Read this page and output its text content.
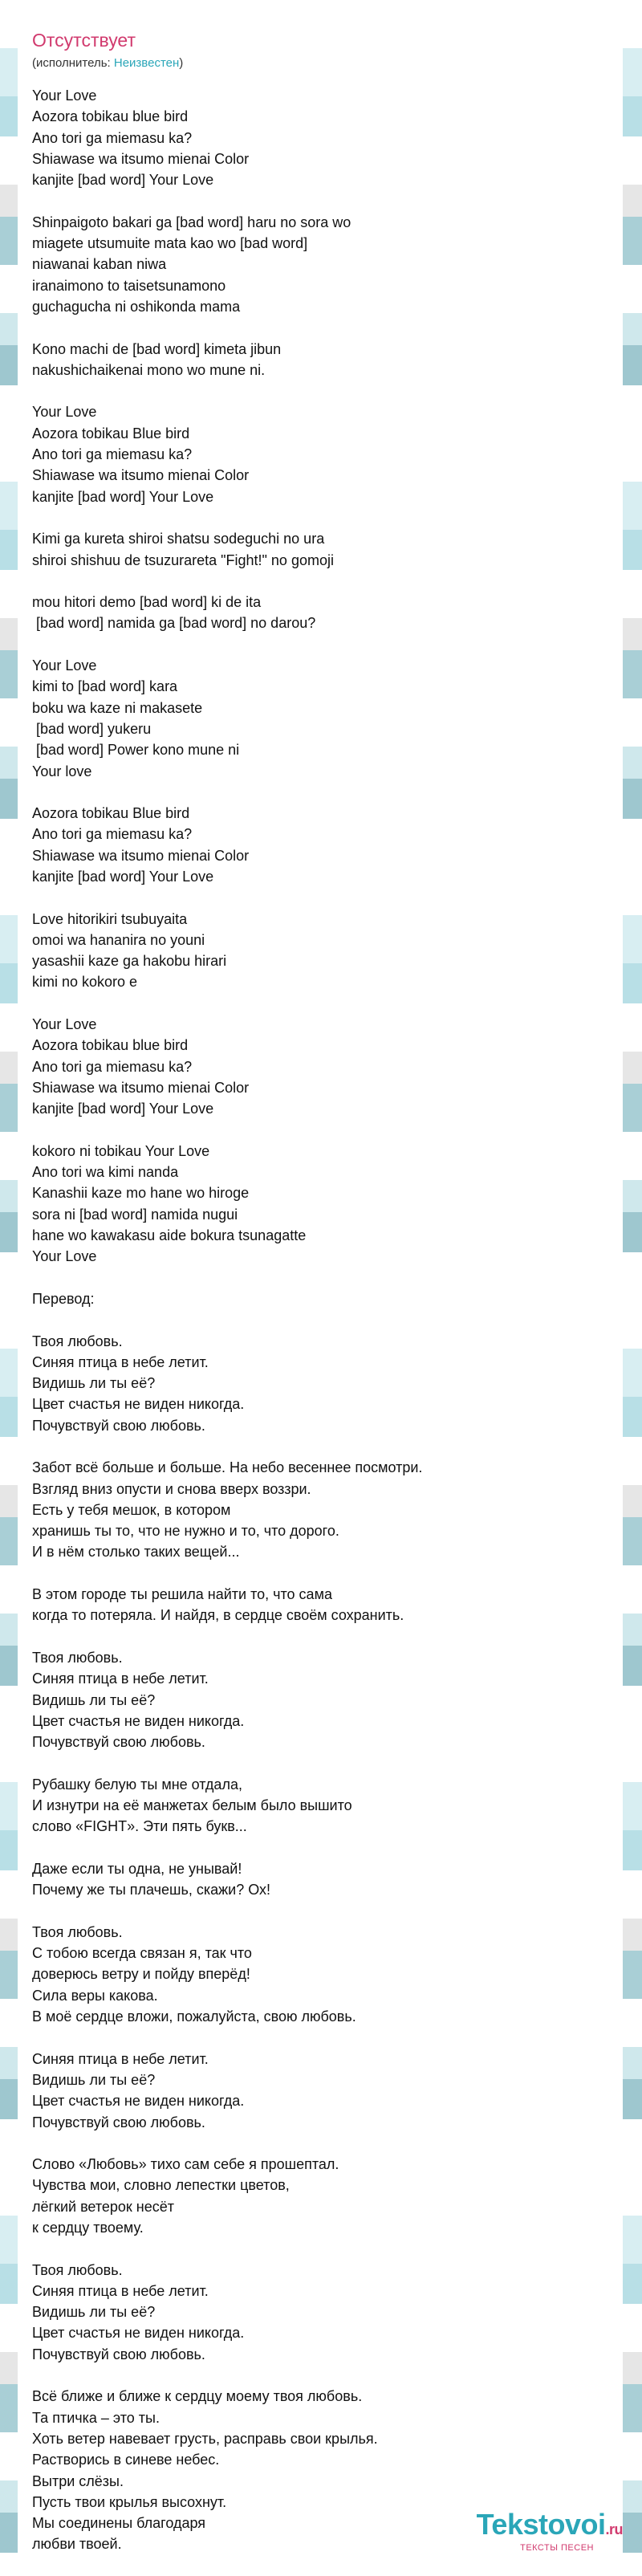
Отсутствует
(исполнитель: Неизвестен)
Your Love
Aozora tobikau blue bird
Ano tori ga miemasu ka?
Shiawase wa itsumo mienai Color
kanjite [bad word] Your Love
Shinpaigoto bakari ga [bad word] haru no sora wo
miagete utsumuite mata kao wo [bad word]
niawanai kaban niwa
iranaimono to taisetsunamono
guchagucha ni oshikonda mama
Kono machi de [bad word] kimeta jibun
nakushichaikenai mono wo mune ni.
Your Love
Aozora tobikau Blue bird
Ano tori ga miemasu ka?
Shiawase wa itsumo mienai Color
kanjite [bad word] Your Love
Kimi ga kureta shiroi shatsu sodeguchi no ura
shiroi shishuu de tsuzurareta "Fight!" no gomoji
mou hitori demo [bad word] ki de ita
[bad word] namida ga [bad word] no darou?
Your Love
kimi to [bad word] kara
boku wa kaze ni makasete
[bad word] yukeru
[bad word] Power kono mune ni
Your love
Aozora tobikau Blue bird
Ano tori ga miemasu ka?
Shiawase wa itsumo mienai Color
kanjite [bad word] Your Love
Love hitorikiri tsubuyaita
omoi wa hananira no youni
yasashii kaze ga hakobu hirari
kimi no kokoro e
Your Love
Aozora tobikau blue bird
Ano tori ga miemasu ka?
Shiawase wa itsumo mienai Color
kanjite [bad word] Your Love
kokoro ni tobikau Your Love
Ano tori wa kimi nanda
Kanashii kaze mo hane wo hiroge
sora ni [bad word] namida nugui
hane wo kawakasu aide bokura tsunagatte
Your Love
Перевод:
Твоя любовь.
Синяя птица в небе летит.
Видишь ли ты её?
Цвет счастья не виден никогда.
Почувствуй свою любовь.
Забот всё больше и больше. На небо весеннее посмотри.
Взгляд вниз опусти и снова вверх воззри.
Есть у тебя мешок, в котором
хранишь ты то, что не нужно и то, что дорого.
И в нём столько таких вещей...
В этом городе ты решила найти то, что сама
когда то потеряла. И найдя, в сердце своём сохранить.
Твоя любовь.
Синяя птица в небе летит.
Видишь ли ты её?
Цвет счастья не виден никогда.
Почувствуй свою любовь.
Рубашку белую ты мне отдала,
И изнутри на её манжетах белым было вышито
слово «FIGHT». Эти пять букв...
Даже если ты одна, не унывай!
Почему же ты плачешь, скажи? Ох!
Твоя любовь.
С тобою всегда связан я, так что
доверюсь ветру и пойду вперёд!
Сила веры какова.
В моё сердце вложи, пожалуйста, свою любовь.
Синяя птица в небе летит.
Видишь ли ты её?
Цвет счастья не виден никогда.
Почувствуй свою любовь.
Слово «Любовь» тихо сам себе я прошептал.
Чувства мои, словно лепестки цветов,
лёгкий ветерок несёт
к сердцу твоему.
Твоя любовь.
Синяя птица в небе летит.
Видишь ли ты её?
Цвет счастья не виден никогда.
Почувствуй свою любовь.
Всё ближе и ближе к сердцу моему твоя любовь.
Та птичка – это ты.
Хоть ветер навевает грусть, расправь свои крылья.
Растворись в синеве небес.
Вытри слёзы.
Пусть твои крылья высохнут.
Мы соединены благодаря
любви твоей.
Tekstovoi.ru
ТЕКСТЫ ПЕСЕН
